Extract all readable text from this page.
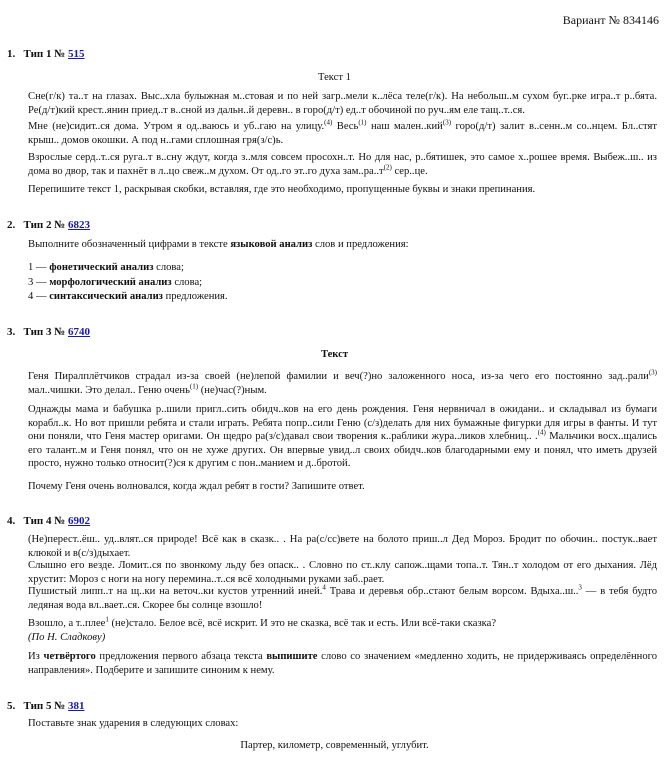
Вариант № 834146
1. Тип 1 № 515
Текст 1
Сне(г/к) та..т на глазах. Выс..хла булыжная м..стовая и по ней загр..мели к..лёса теле(г/к). На небольш..м сухом буг..рке игра..т р..бята. Ре(д/т)кий крест..янин приед..т в..сной из дальн..й деревн.. в горо(д/т) ед..т обочиной по руч..ям еле тащ..т..ся.
Мне (не)сидит..ся дома. Утром я од..ваюсь и уб..гаю на улицу.$^{(4)}$ Весь$^{(1)}$ наш мален..кий$^{(3)}$ горо(д/т) залит в..сенн..м со..нцем. Бл..стят крыш.. домов окошки. А под н..гами сплошная гря(з/с)ь.
Взрослые серд..т..ся руга..т в..сну ждут, когда з..мля совсем просохн..т. Но для нас, р..бятишек, это самое х..рошее время. Выбеж..ш.. из дома во двор, так и пахнёт в л..цо свеж..м духом. От од..го эт..го духа $зам..ра..т^{(2)}$ сер..це.
Перепишите текст 1, раскрывая скобки, вставляя, где это необходимо, пропущенные буквы и знаки препинания.
2. Тип 2 № 6823
Выполните обозначенный цифрами в тексте языковой анализ слов и предложения:
1 — фонетический анализ слова;
3 — морфологический анализ слова;
4 — синтаксический анализ предложения.
3. Тип 3 № 6740
Текст
Геня Пиралплётчиков страдал из-за своей (не)лепой фамилии и веч(?)но заложенного носа, из-за чего его постоянно зад..рали$^{(3)}$ мал..чишки. Это делал.. Геню очень$^{(1)}$ (не)час(?)ным.
Однажды мама и бабушка р..шили пригл..сить обидч..ков на его день рождения. Геня нервничал в ожидани.. и складывал из бумаги корабл..к. Но вот пришли ребята и стали играть. Ребята попр..сили Геню (с/з)делать для них бумажные фигурки для игры в фанты. И тут они поняли, что Геня мастер оригами. Он щедро ра(з/с)давал свои творения к..раблики жура..ликов хлебниц.. .$^{(4)}$ Мальчики восх..щались его талант..м и Геня понял, что он не хуже других. Он впервые увид..л своих обидч..ков благодарными ему и понял, что иметь друзей просто, нужно только относит(?)ся к другим с пон..манием и д..бротой.
Почему Геня очень волновался, когда ждал ребят в гости? Запишите ответ.
4. Тип 4 № 6902
(Не)перест..ёш.. уд..влят..ся природе! Всё как в сказк.. . На ра(с/сс)вете на болото приш..л Дед Мороз. Бродит по обочин.. постук..вает клюкой и в(с/з)дыхает.
Слышно его везде. Ломит..ся по звонкому льду без опаск.. . Словно по ст..клу сапож..щами топа..т. Тян..т холодом от его дыхания. Лёд хрустит: Мороз с ноги на ногу перемина..т..ся всё холодными руками заб..рает.
Пушистый липп..т на щ..ки на веточ..ки кустов утренний иней.$^4$ Трава и деревья обр..стают белым ворсом. Вдыха..ш..$^3$ — в тебя будто ледяная вода вл..вает..ся. Скорее бы солнце взошло!
Взошло, а т..плее$^1$ (не)стало. Белое всё, всё искрит. И это не сказка, всё так и есть. Или всё-таки сказка?
(По Н. Сладкову)
Из четвёртого предложения первого абзаца текста выпишите слово со значением «медленно ходить, не придерживаясь определённого направления». Подберите и запишите синоним к нему.
5. Тип 5 № 381
Поставьте знак ударения в следующих словах:
Партер, километр, современный, углубит.
